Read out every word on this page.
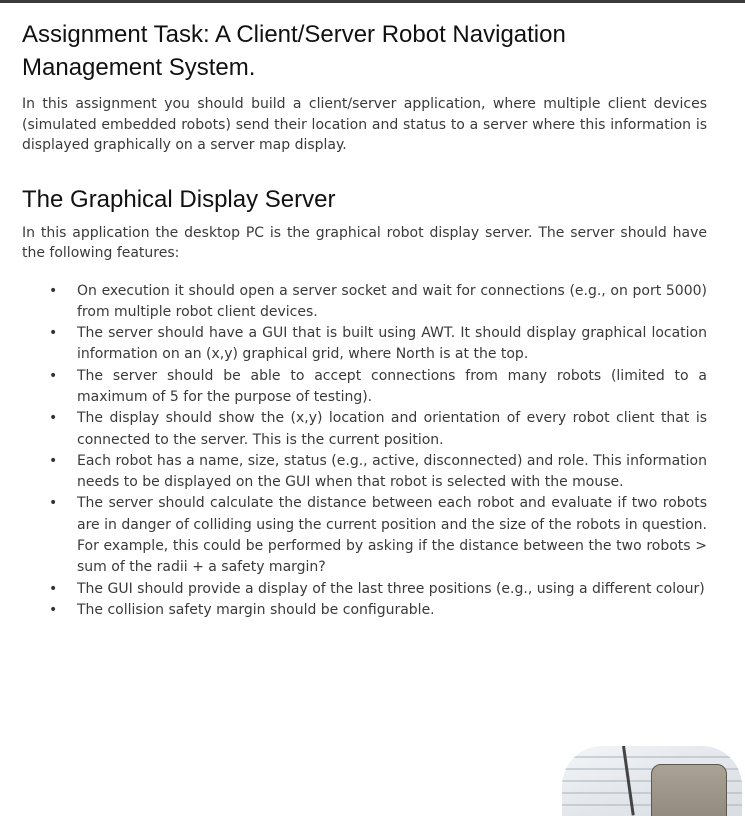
Assignment Task: A Client/Server Robot Navigation Management System.

In this assignment you should build a client/server application, where multiple client devices (simulated embedded robots) send their location and status to a server where this information is displayed graphically on a server map display.

The Graphical Display Server

In this application the desktop PC is the graphical robot display server. The server should have the following features:

• On execution it should open a server socket and wait for connections (e.g., on port 5000) from multiple robot client devices.
• The server should have a GUI that is built using AWT. It should display graphical location information on an (x,y) graphical grid, where North is at the top.
• The server should be able to accept connections from many robots (limited to a maximum of 5 for the purpose of testing).
• The display should show the (x,y) location and orientation of every robot client that is connected to the server. This is the current position.
• Each robot has a name, size, status (e.g., active, disconnected) and role. This information needs to be displayed on the GUI when that robot is selected with the mouse.
• The server should calculate the distance between each robot and evaluate if two robots are in danger of colliding using the current position and the size of the robots in question. For example, this could be performed by asking if the distance between the two robots > sum of the radii + a safety margin?
• The GUI should provide a display of the last three positions (e.g., using a different colour)
• The collision safety margin should be configurable.
